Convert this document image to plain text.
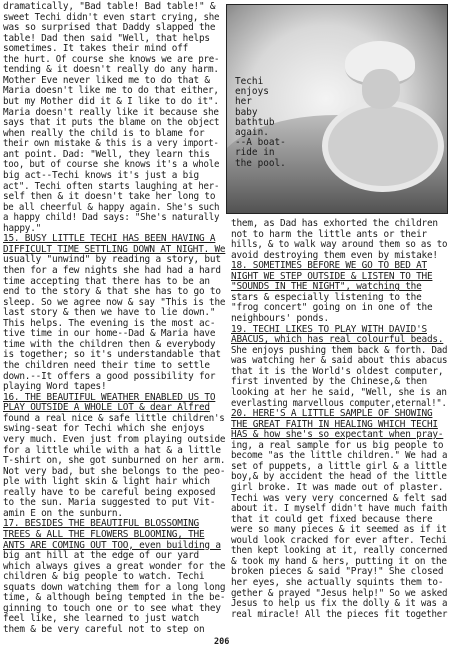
Techi
enjoys
her
baby
bathtub
again.
--A boat-
ride in
the pool.
dramatically, "Bad table! Bad table!" &
sweet Techi didn't even start crying, she
was so surprised that Daddy slapped the
table! Dad then said "Well, that helps
sometimes. It takes their mind off
the hurt. Of course she knows we are pre-
tending & it doesn't really do any harm.
Mother Eve never liked me to do that &
Maria doesn't like me to do that either,
but my Mother did it & I like to do it".
Maria doesn't really like it because she
says that it puts the blame on the object
when really the child is to blame for
their own mistake & this is a very import-
ant point. Dad: "Well, they learn this
too, but of course she knows it's a whole
big act--Techi knows it's just a big
act". Techi often starts laughing at her-
self then & it doesn't take her long to
be all cheerful & happy again. She's such
a happy child! Dad says: "She's naturally
happy."
15. BUSY LITTLE TECHI HAS BEEN HAVING A
DIFFICULT TIME SETTLING DOWN AT NIGHT. We
usually "unwind" by reading a story, but
then for a few nights she had had a hard
time accepting that there has to be an
end to the story & that she has to go to
sleep. So we agree now & say "This is the
last story & then we have to lie down."
This helps. The evening is the most ac-
tive time in our home--Dad & Maria have
time with the children then & everybody
is together; so it's understandable that
the children need their time to settle
down.--It offers a good possibility for
playing Word tapes!
16. THE BEAUTIFUL WEATHER ENABLED US TO
PLAY OUTSIDE A WHOLE LOT & dear Alfred
found a real nice & safe little children's
swing-seat for Techi which she enjoys
very much. Even just from playing outside
for a little while with a hat & a little
T-shirt on, she got sunburned on her arm.
Not very bad, but she belongs to the peo-
ple with light skin & light hair which
really have to be careful being exposed
to the sun. Maria suggested to put Vit-
amin E on the sunburn.
17. BESIDES THE BEAUTIFUL BLOSSOMING
TREES & ALL THE FLOWERS BLOOMING, THE
ANTS ARE COMING OUT TOO, even building a
big ant hill at the edge of our yard
which always gives a great wonder for the
children & big people to watch. Techi
squats down watching them for a long long
time, & although being tempted in the be-
ginning to touch one or to see what they
feel like, she learned to just watch
them & be very careful not to step on
them, as Dad has exhorted the children
not to harm the little ants or their
hills, & to walk way around them so as to
avoid destroying them even by mistake!
18. SOMETIMES BEFORE WE GO TO BED AT
NIGHT WE STEP OUTSIDE & LISTEN TO THE
"SOUNDS IN THE NIGHT", watching the
stars & especially listening to the
"frog concert" going on in one of the
neighbours' ponds.
19. TECHI LIKES TO PLAY WITH DAVID'S
ABACUS, which has real colourful beads.
She enjoys pushing them back & forth. Dad
was watching her & said about this abacus
that it is the World's oldest computer,
first invented by the Chinese,& then
looking at her he said, "Well, she is an
everlasting marvellous computer,eternal!".
20. HERE'S A LITTLE SAMPLE OF SHOWING
THE GREAT FAITH IN HEALING WHICH TECHI
HAS & how she's so expectant when pray-
ing, a real sample for us big people to
become "as the little children." We had a
set of puppets, a little girl & a little
boy,& by accident the head of the little
girl broke. It was made out of plaster.
Techi was very very concerned & felt sad
about it. I myself didn't have much faith
that it could get fixed because there
were so many pieces & it seemed as if it
would look cracked for ever after. Techi
then kept looking at it, really concerned
& took my hand & hers, putting it on the
broken pieces & said "Pray!" She closed
her eyes, she actually squints them to-
gether & prayed "Jesus help!" So we asked
Jesus to help us fix the dolly & it was a
real miracle! All the pieces fit together
206
